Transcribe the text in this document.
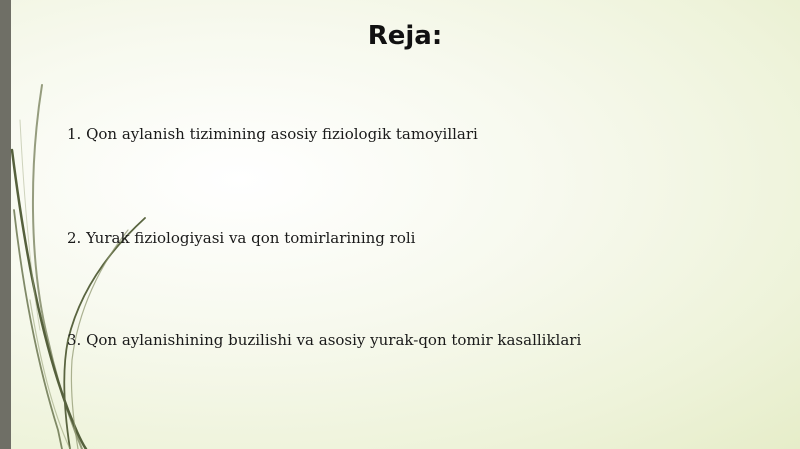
Reja:

1. Qon aylanish tizimining asosiy fiziologik tamoyillari

2. Yurak fiziologiyasi va qon tomirlarining roli

3. Qon aylanishining buzilishi va asosiy yurak-qon tomir kasalliklari
